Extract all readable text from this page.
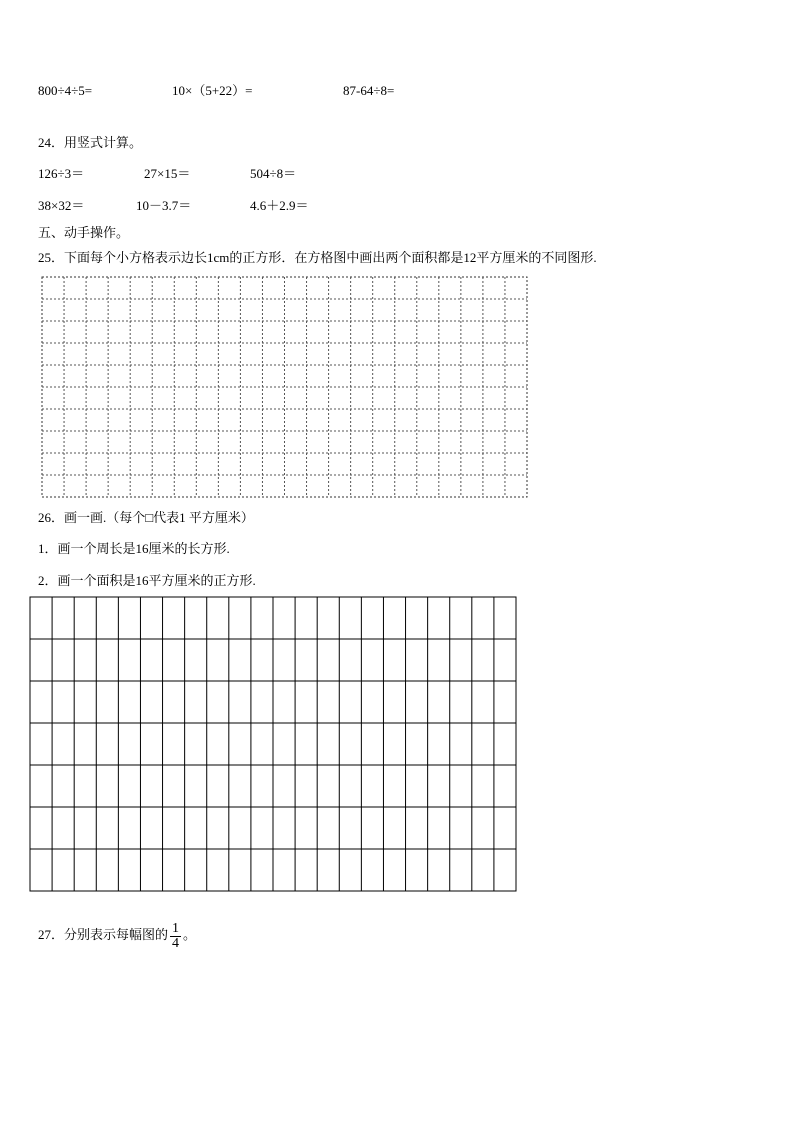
800÷4÷5=	10×（5+22）=	87-64÷8=
24．用竖式计算。
126÷3＝	27×15＝	504÷8＝
38×32＝	10－3.7＝	4.6＋2.9＝
五、动手操作。
25．下面每个小方格表示边长1cm的正方形．在方格图中画出两个面积都是12平方厘米的不同图形.
26．画一画.（每个□代表1 平方厘米）
1．画一个周长是16厘米的长方形.
2．画一个面积是16平方厘米的正方形.
27．分别表示每幅图的 $\frac{1}{4}$ 。
